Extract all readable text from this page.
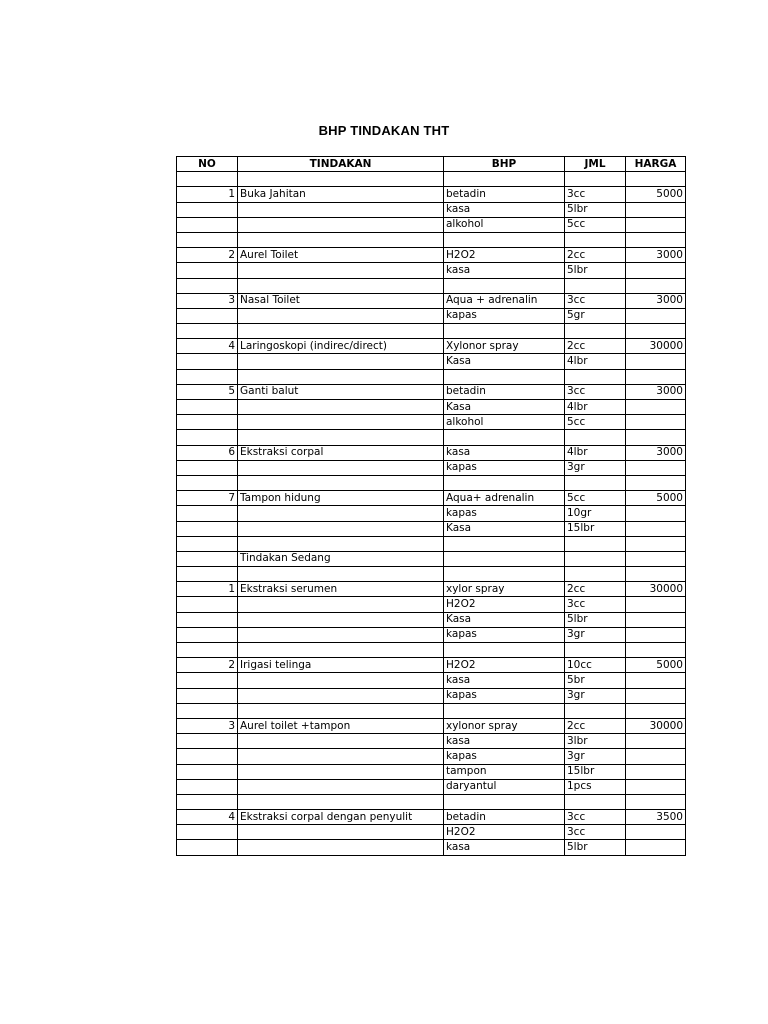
BHP TINDAKAN THT
NO	TINDAKAN	BHP	JML	HARGA

1	Buka Jahitan	betadin	3cc	5000
		kasa	5lbr	
		alkohol	5cc	

2	Aurel Toilet	H2O2	2cc	3000
		kasa	5lbr	

3	Nasal Toilet	Aqua + adrenalin	3cc	3000
		kapas	5gr	

4	Laringoskopi (indirec/direct)	Xylonor spray	2cc	30000
		Kasa	4lbr	

5	Ganti balut	betadin	3cc	3000
		Kasa	4lbr	
		alkohol	5cc	

6	Ekstraksi corpal	kasa	4lbr	3000
		kapas	3gr	

7	Tampon hidung	Aqua+ adrenalin	5cc	5000
		kapas	10gr	
		Kasa	15lbr	

	Tindakan Sedang			

1	Ekstraksi serumen	xylor spray	2cc	30000
		H2O2	3cc	
		Kasa	5lbr	
		kapas	3gr	

2	Irigasi telinga	H2O2	10cc	5000
		kasa	5br	
		kapas	3gr	

3	Aurel toilet +tampon	xylonor spray	2cc	30000
		kasa	3lbr	
		kapas	3gr	
		tampon	15lbr	
		daryantul	1pcs	

4	Ekstraksi corpal dengan penyulit	betadin	3cc	3500
		H2O2	3cc	
		kasa	5lbr	
